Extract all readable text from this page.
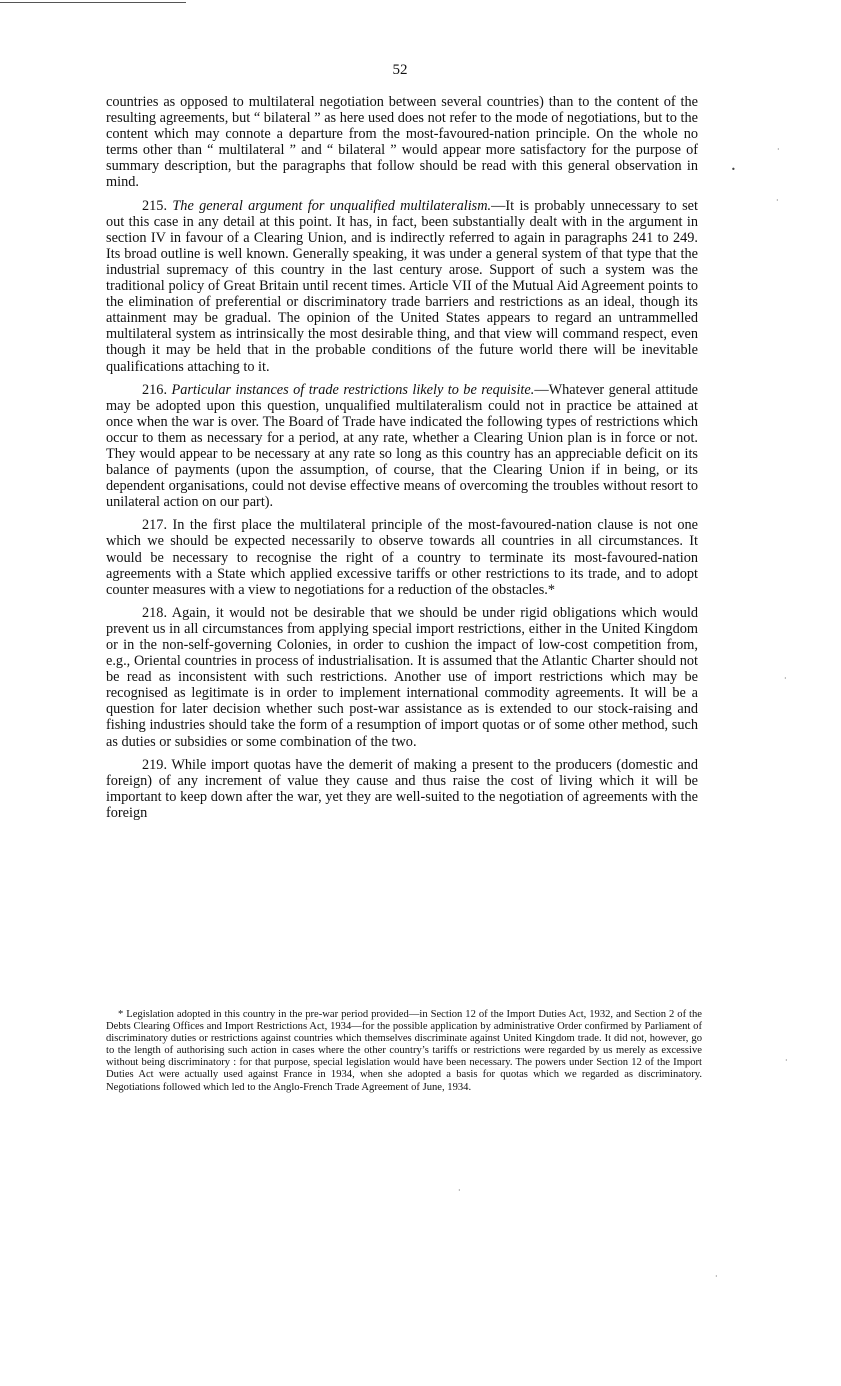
52

countries as opposed to multilateral negotiation between several countries) than to the content of the resulting agreements, but “ bilateral ” as here used does not refer to the mode of negotiations, but to the content which may connote a departure from the most-favoured-nation principle. On the whole no terms other than “ multilateral ” and “ bilateral ” would appear more satisfactory for the purpose of summary description, but the paragraphs that follow should be read with this general observation in mind.

215. The general argument for unqualified multilateralism.—It is probably unnecessary to set out this case in any detail at this point. It has, in fact, been substantially dealt with in the argument in section IV in favour of a Clearing Union, and is indirectly referred to again in paragraphs 241 to 249. Its broad outline is well known. Generally speaking, it was under a general system of that type that the industrial supremacy of this country in the last century arose. Support of such a system was the traditional policy of Great Britain until recent times. Article VII of the Mutual Aid Agreement points to the elimination of preferential or discriminatory trade barriers and restrictions as an ideal, though its attainment may be gradual. The opinion of the United States appears to regard an untrammelled multilateral system as intrinsically the most desirable thing, and that view will command respect, even though it may be held that in the probable conditions of the future world there will be inevitable qualifications attaching to it.

216. Particular instances of trade restrictions likely to be requisite.—Whatever general attitude may be adopted upon this question, unqualified multilateralism could not in practice be attained at once when the war is over. The Board of Trade have indicated the following types of restrictions which occur to them as necessary for a period, at any rate, whether a Clearing Union plan is in force or not. They would appear to be necessary at any rate so long as this country has an appreciable deficit on its balance of payments (upon the assumption, of course, that the Clearing Union if in being, or its dependent organisations, could not devise effective means of overcoming the troubles without resort to unilateral action on our part).

217. In the first place the multilateral principle of the most-favoured-nation clause is not one which we should be expected necessarily to observe towards all countries in all circumstances. It would be necessary to recognise the right of a country to terminate its most-favoured-nation agreements with a State which applied excessive tariffs or other restrictions to its trade, and to adopt counter measures with a view to negotiations for a reduction of the obstacles.*

218. Again, it would not be desirable that we should be under rigid obligations which would prevent us in all circumstances from applying special import restrictions, either in the United Kingdom or in the non-self-governing Colonies, in order to cushion the impact of low-cost competition from, e.g., Oriental countries in process of industrialisation. It is assumed that the Atlantic Charter should not be read as inconsistent with such restrictions. Another use of import restrictions which may be recognised as legitimate is in order to implement international commodity agreements. It will be a question for later decision whether such post-war assistance as is extended to our stock-raising and fishing industries should take the form of a resumption of import quotas or of some other method, such as duties or subsidies or some combination of the two.

219. While import quotas have the demerit of making a present to the producers (domestic and foreign) of any increment of value they cause and thus raise the cost of living which it will be important to keep down after the war, yet they are well-suited to the negotiation of agreements with the foreign

* Legislation adopted in this country in the pre-war period provided—in Section 12 of the Import Duties Act, 1932, and Section 2 of the Debts Clearing Offices and Import Restrictions Act, 1934—for the possible application by administrative Order confirmed by Parliament of discriminatory duties or restrictions against countries which themselves discriminate against United Kingdom trade. It did not, however, go to the length of authorising such action in cases where the other country’s tariffs or restrictions were regarded by us merely as excessive without being discriminatory : for that purpose, special legislation would have been necessary. The powers under Section 12 of the Import Duties Act were actually used against France in 1934, when she adopted a basis for quotas which we regarded as discriminatory. Negotiations followed which led to the Anglo-French Trade Agreement of June, 1934.

·
•
·
·
·
·
·
